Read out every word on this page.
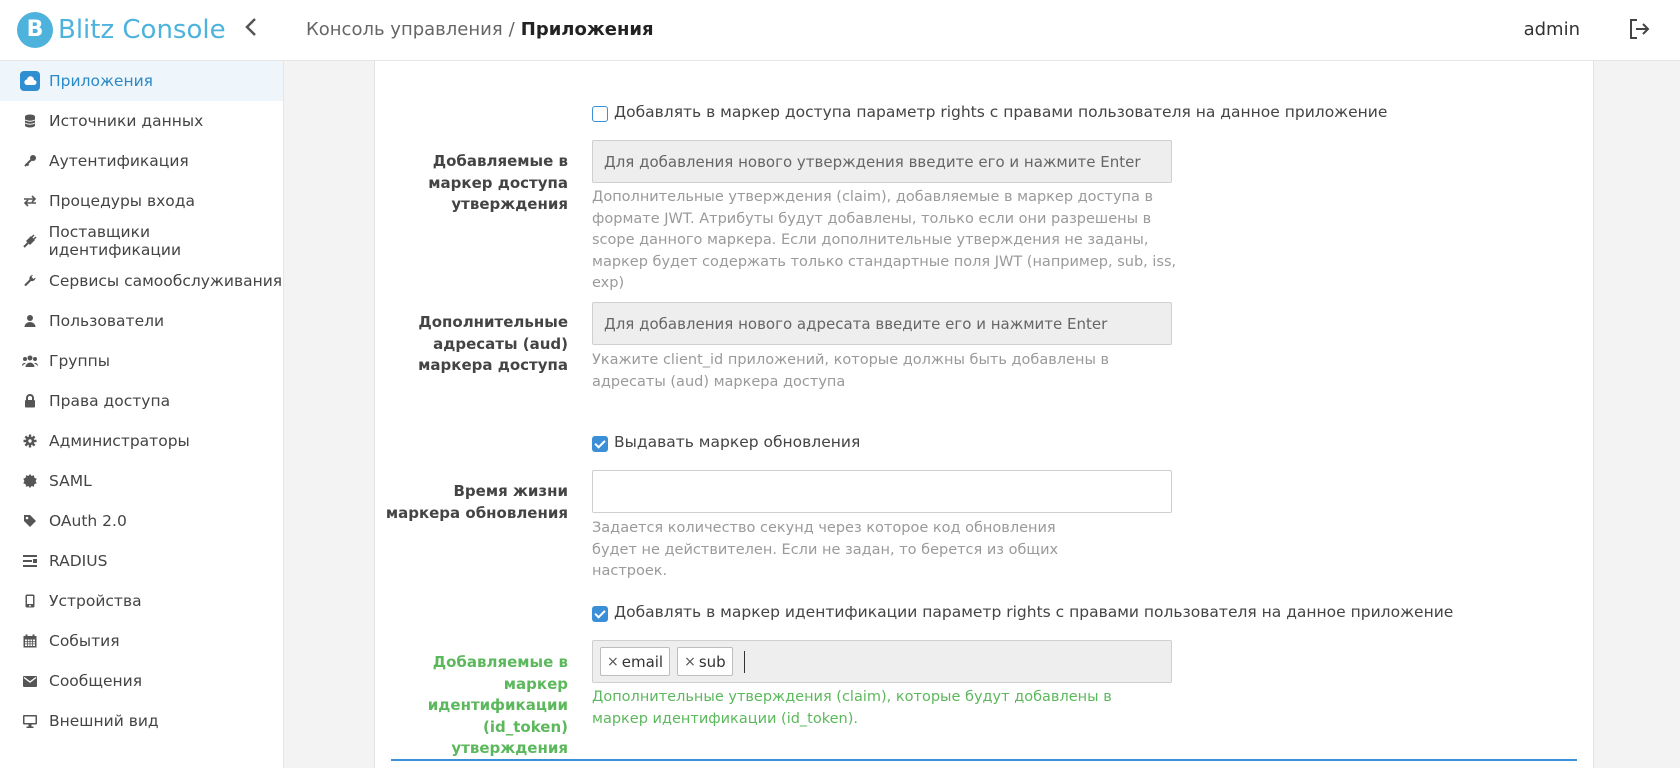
B Blitz Console	Консоль управления / Приложения	admin
Приложения
Источники данных
Аутентификация
Процедуры входа
Поставщики идентификации
Сервисы самообслуживания
Пользователи
Группы
Права доступа
Администраторы
SAML
OAuth 2.0
RADIUS
Устройства
События
Сообщения
Внешний вид
Добавлять в маркер доступа параметр rights с правами пользователя на данное приложение
Добавляемые в маркер доступа утверждения
Для добавления нового утверждения введите его и нажмите Enter Дополнительные утверждения (claim), добавляемые в маркер доступа в формате JWT. Атрибуты будут добавлены, только если они разрешены в scope данного маркера. Если дополнительные утверждения не заданы, маркер будет содержать только стандартные поля JWT (например, sub, iss, exp)
Дополнительные адресаты (aud) маркера доступа
Для добавления нового адресата введите его и нажмите Enter Укажите client_id приложений, которые должны быть добавлены в адресаты (aud) маркера доступа
Выдавать маркер обновления
Время жизни маркера обновления
Задается количество секунд через которое код обновления будет не действителен. Если не задан, то берется из общих настроек.
Добавлять в маркер идентификации параметр rights с правами пользователя на данное приложение
Добавляемые в маркер идентификации (id_token) утверждения
× email × sub
Дополнительные утверждения (claim), которые будут добавлены в маркер идентификации (id_token).
